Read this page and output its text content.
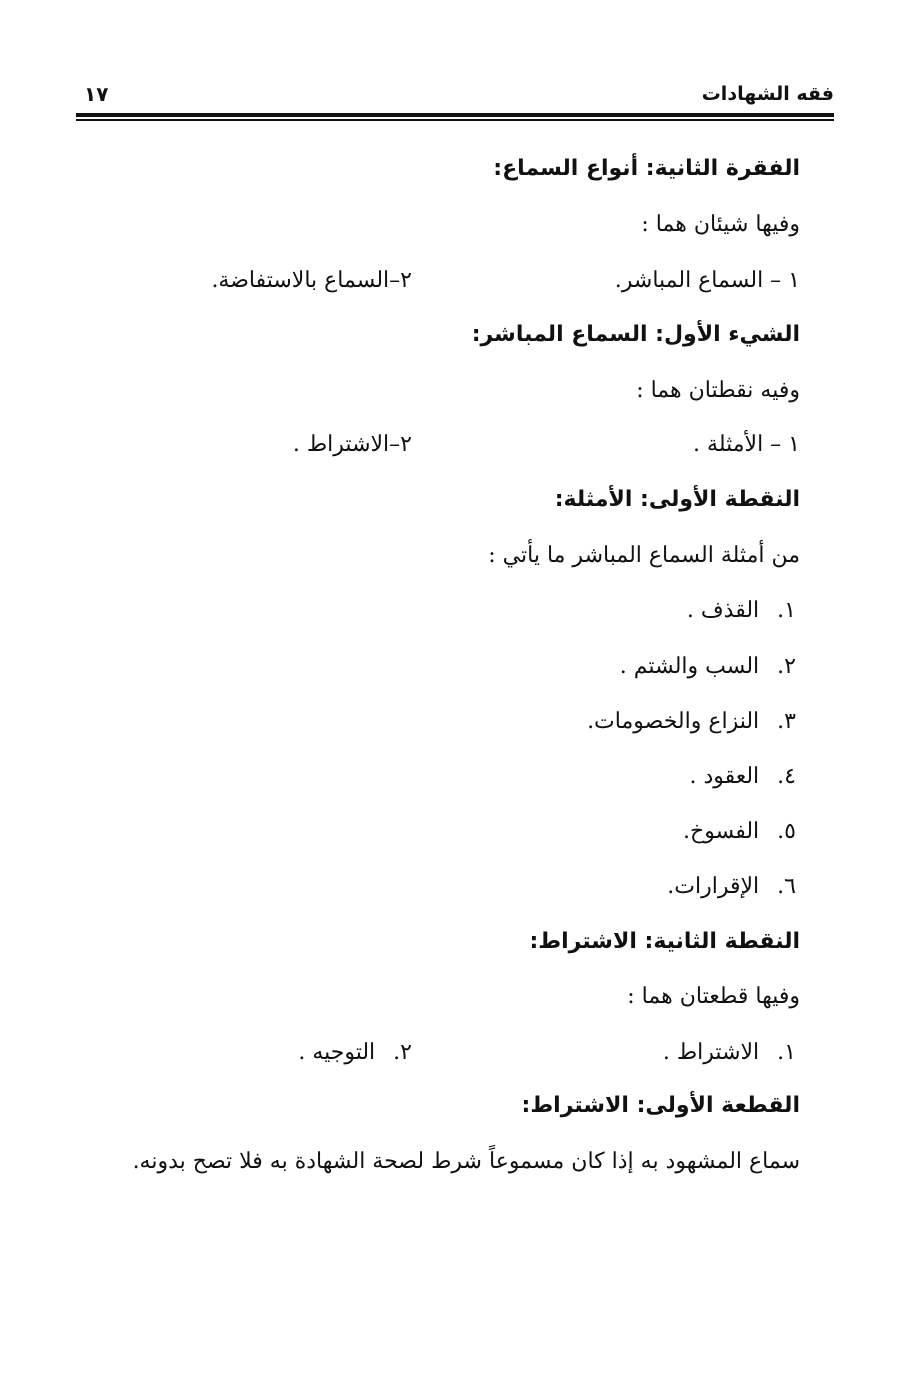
فقه الشهادات
١٧
الفقرة الثانية: أنواع السماع:
وفيها شيئان هما :
١ – السماع المباشر.
٢–السماع بالاستفاضة.
الشيء الأول: السماع المباشر:
وفيه نقطتان هما :
١ – الأمثلة .
٢–الاشتراط .
النقطة الأولى: الأمثلة:
من أمثلة السماع المباشر ما يأتي :
١.القذف .
٢.السب والشتم .
٣.النزاع والخصومات.
٤.العقود .
٥.الفسوخ.
٦.الإقرارات.
النقطة الثانية: الاشتراط:
وفيها قطعتان هما :
١.الاشتراط .
٢.التوجيه .
القطعة الأولى: الاشتراط:
سماع المشهود به إذا كان مسموعاً شرط لصحة الشهادة به فلا تصح بدونه.
